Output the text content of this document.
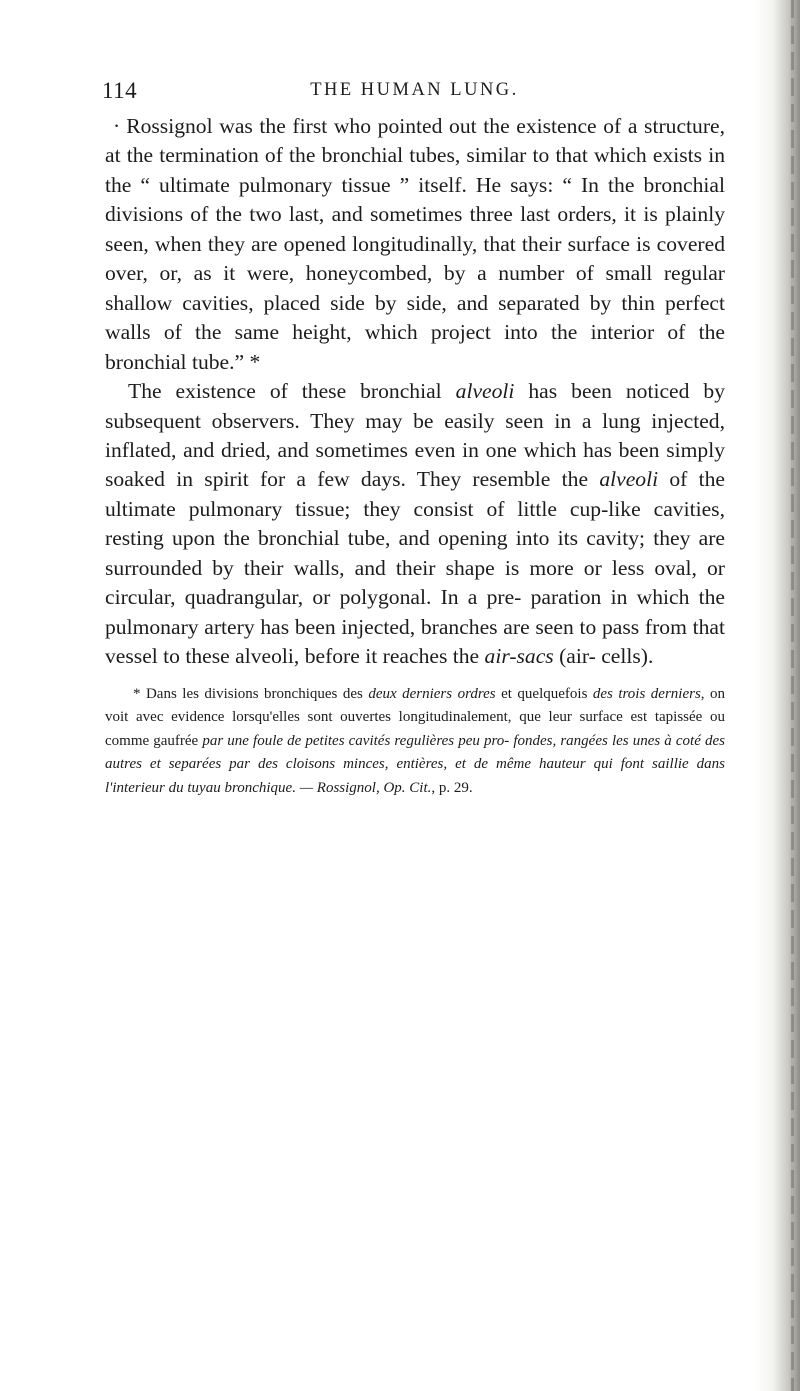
114	THE HUMAN LUNG.

· Rossignol was the first who pointed out the existence of a structure, at the termination of the bronchial tubes, similar to that which exists in the “ ultimate pulmonary tissue ” itself. He says: “ In the bronchial divisions of the two last, and sometimes three last orders, it is plainly seen, when they are opened longitudinally, that their surface is covered over, or, as it were, honeycombed, by a number of small regular shallow cavities, placed side by side, and separated by thin perfect walls of the same height, which project into the interior of the bronchial tube.” *

The existence of these bronchial alveoli has been noticed by subsequent observers. They may be easily seen in a lung injected, inflated, and dried, and sometimes even in one which has been simply soaked in spirit for a few days. They resemble the alveoli of the ultimate pulmonary tissue; they consist of little cup-like cavities, resting upon the bronchial tube, and opening into its cavity; they are surrounded by their walls, and their shape is more or less oval, or circular, quadrangular, or polygonal. In a pre- paration in which the pulmonary artery has been injected, branches are seen to pass from that vessel to these alveoli, before it reaches the air-sacs (air- cells).

* Dans les divisions bronchiques des deux derniers ordres et quelquefois des trois derniers, on voit avec evidence lorsqu'elles sont ouvertes longitudinalement, que leur surface est tapissée ou comme gaufrée par une foule de petites cavités regulières peu pro- fondes, rangées les unes à coté des autres et separées par des cloisons minces, entières, et de même hauteur qui font saillie dans l'interieur du tuyau bronchique. — Rossignol, Op. Cit., p. 29.
